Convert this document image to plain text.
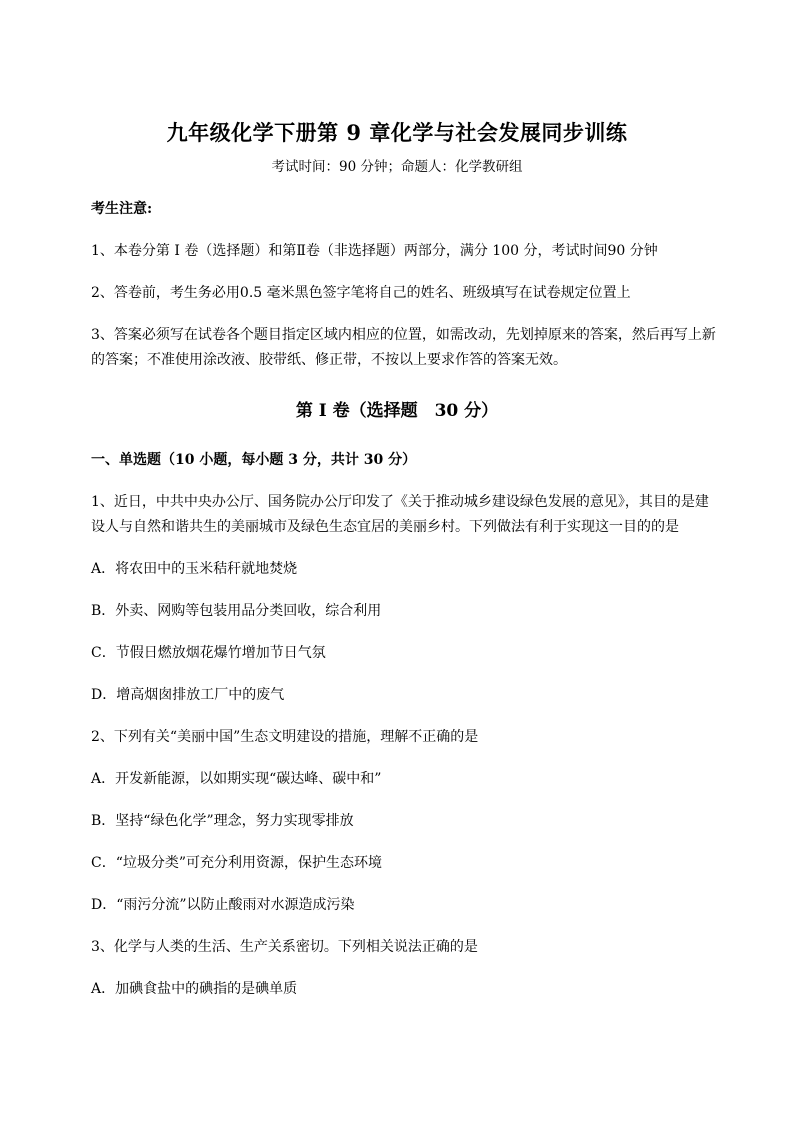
九年级化学下册第 9 章化学与社会发展同步训练
考试时间：90 分钟；命题人：化学教研组
考生注意:
1、本卷分第 I 卷（选择题）和第Ⅱ卷（非选择题）两部分，满分 100 分，考试时间90 分钟
2、答卷前，考生务必用0.5 毫米黑色签字笔将自己的姓名、班级填写在试卷规定位置上
3、答案必须写在试卷各个题目指定区域内相应的位置，如需改动，先划掉原来的答案，然后再写上新
的答案；不准使用涂改液、胶带纸、修正带，不按以上要求作答的答案无效。
第 I 卷（选择题　30 分）
一、单选题（10 小题，每小题 3 分，共计 30 分）
1、近日，中共中央办公厅、国务院办公厅印发了《关于推动城乡建设绿色发展的意见》，其目的是建
设人与自然和谐共生的美丽城市及绿色生态宜居的美丽乡村。下列做法有利于实现这一目的的是
A．将农田中的玉米秸秆就地焚烧
B．外卖、网购等包装用品分类回收，综合利用
C．节假日燃放烟花爆竹增加节日气氛
D．增高烟囱排放工厂中的废气
2、下列有关“美丽中国”生态文明建设的措施，理解不正确的是
A．开发新能源，以如期实现“碳达峰、碳中和”
B．坚持“绿色化学”理念，努力实现零排放
C．“垃圾分类”可充分利用资源，保护生态环境
D．“雨污分流”以防止酸雨对水源造成污染
3、化学与人类的生活、生产关系密切。下列相关说法正确的是
A．加碘食盐中的碘指的是碘单质
